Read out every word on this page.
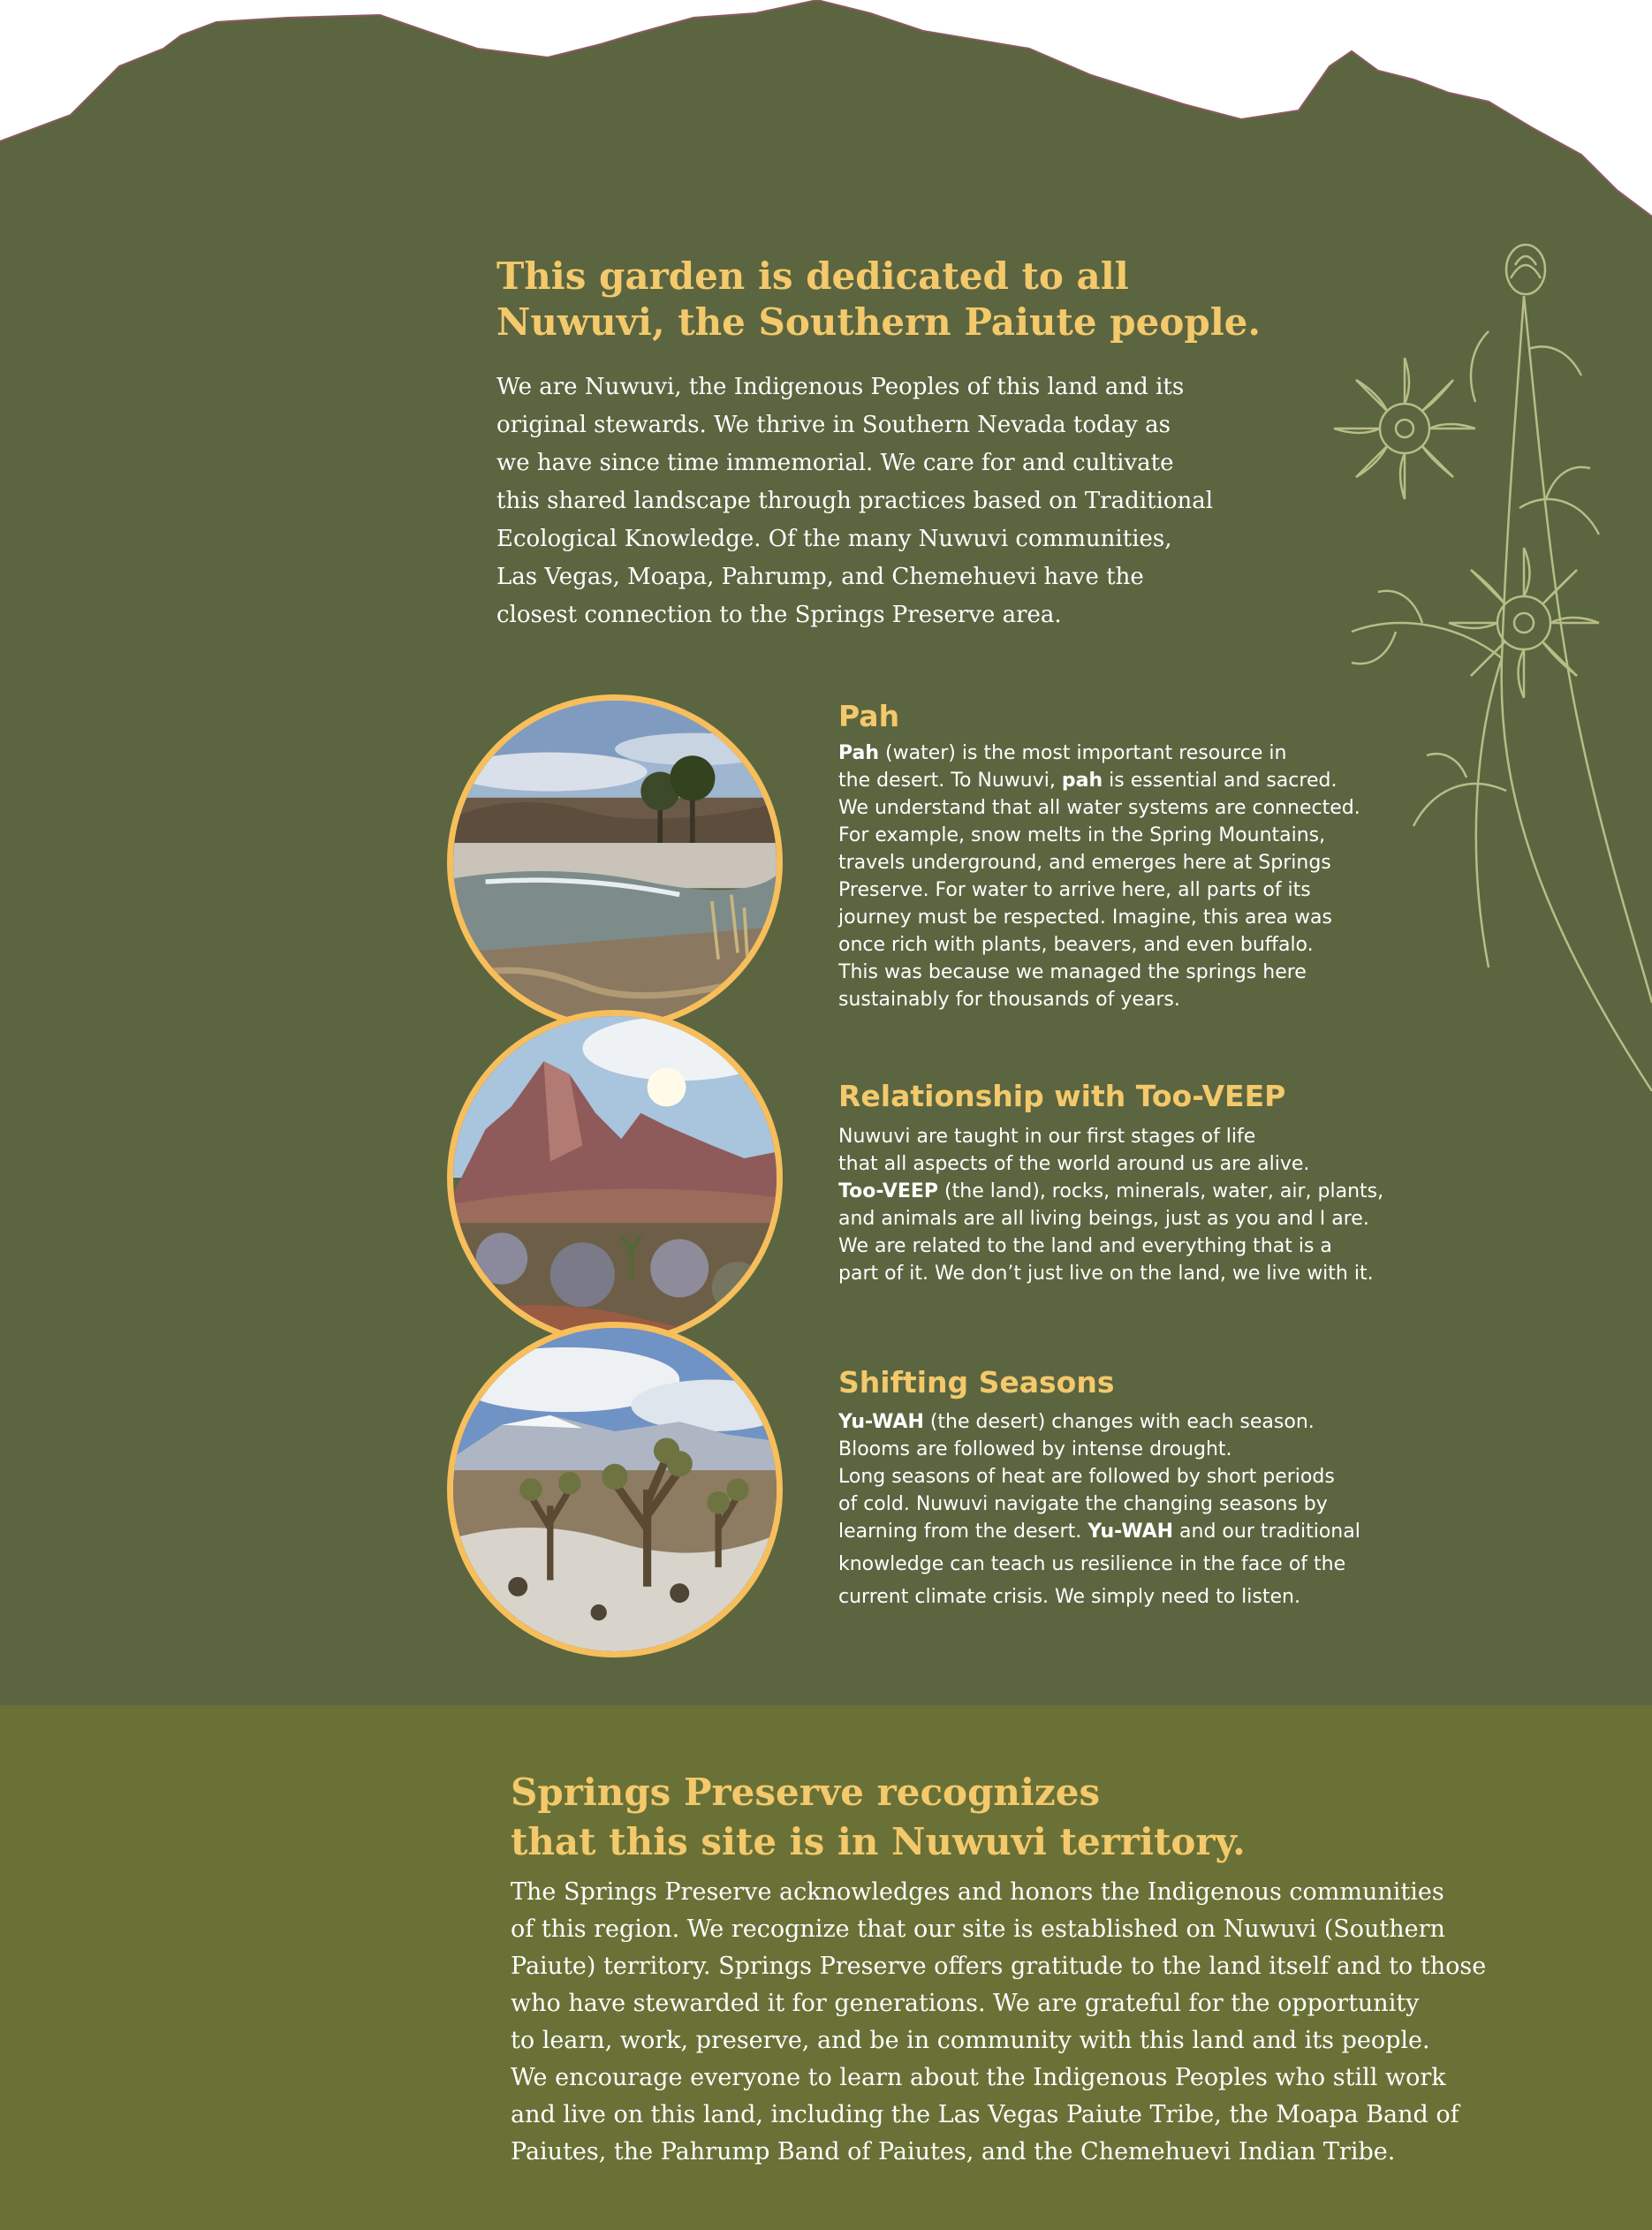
This garden is dedicated to all
Nuwuvi, the Southern Paiute people.

We are Nuwuvi, the Indigenous Peoples of this land and its

original stewards. We thrive in Southern Nevada today as

we have since time immemorial. We care for and cultivate

this shared landscape through practices based on Traditional

Ecological Knowledge. Of the many Nuwuvi communities,

Las Vegas, Moapa, Pahrump, and Chemehuevi have the

closest connection to the Springs Preserve area.

Pah

Pah (water) is the most important resource in

the desert. To Nuwuvi, pah is essential and sacred.

We understand that all water systems are connected.

For example, snow melts in the Spring Mountains,

travels underground, and emerges here at Springs

Preserve. For water to arrive here, all parts of its

journey must be respected. Imagine, this area was

once rich with plants, beavers, and even buffalo.

This was because we managed the springs here

sustainably for thousands of years.

Relationship with Too-VEEP

Nuwuvi are taught in our first stages of life

that all aspects of the world around us are alive.

Too-VEEP (the land), rocks, minerals, water, air, plants,

and animals are all living beings, just as you and I are.

We are related to the land and everything that is a

part of it. We don’t just live on the land, we live with it.

Shifting Seasons

Yu-WAH (the desert) changes with each season.

Blooms are followed by intense drought.

Long seasons of heat are followed by short periods

of cold. Nuwuvi navigate the changing seasons by

learning from the desert. Yu-WAH and our traditional

knowledge can teach us resilience in the face of the

current climate crisis. We simply need to listen.

Springs Preserve recognizes
that this site is in Nuwuvi territory.

The Springs Preserve acknowledges and honors the Indigenous communities

of this region. We recognize that our site is established on Nuwuvi (Southern

Paiute) territory. Springs Preserve offers gratitude to the land itself and to those

who have stewarded it for generations. We are grateful for the opportunity

to learn, work, preserve, and be in community with this land and its people.

We encourage everyone to learn about the Indigenous Peoples who still work

and live on this land, including the Las Vegas Paiute Tribe, the Moapa Band of

Paiutes, the Pahrump Band of Paiutes, and the Chemehuevi Indian Tribe.
